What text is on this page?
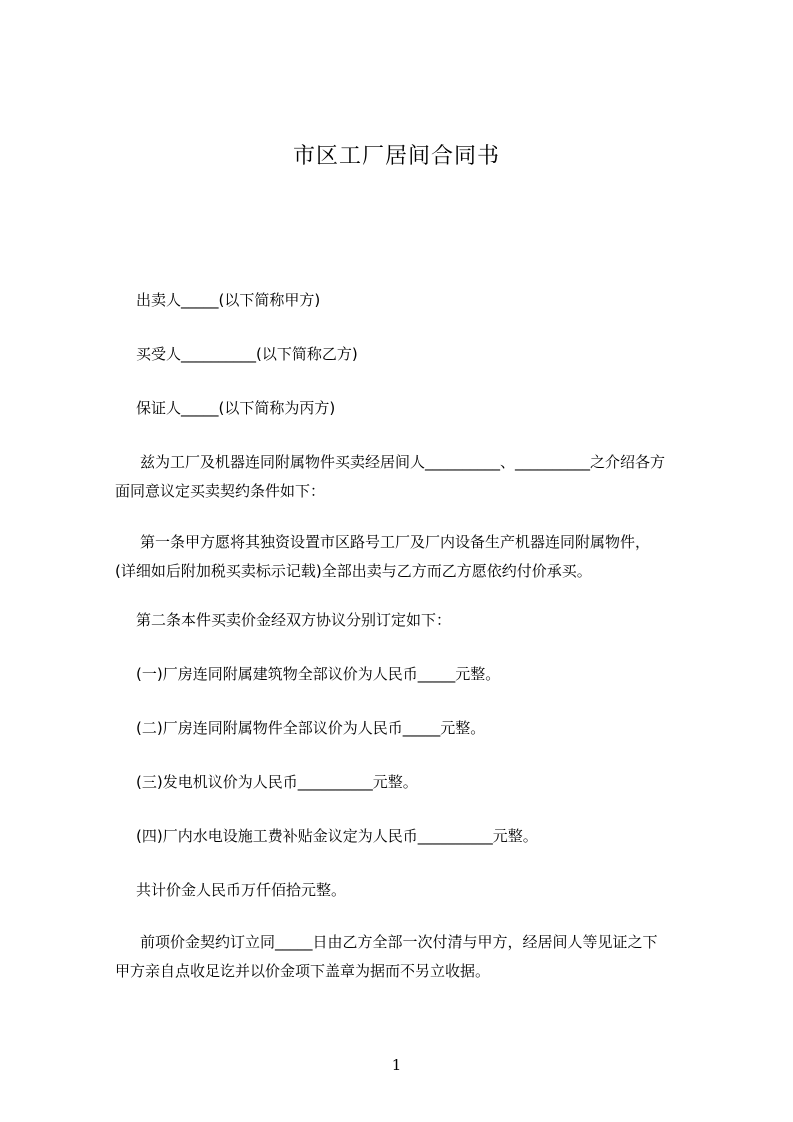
市区工厂居间合同书
出卖人_____(以下简称甲方)
买受人__________(以下简称乙方)
保证人_____(以下简称为丙方)
兹为工厂及机器连同附属物件买卖经居间人__________、__________之介绍各方
面同意议定买卖契约条件如下：
第一条甲方愿将其独资设置市区路号工厂及厂内设备生产机器连同附属物件，
(详细如后附加税买卖标示记载)全部出卖与乙方而乙方愿依约付价承买。
第二条本件买卖价金经双方协议分别订定如下：
(一)厂房连同附属建筑物全部议价为人民币_____元整。
(二)厂房连同附属物件全部议价为人民币_____元整。
(三)发电机议价为人民币__________元整。
(四)厂内水电设施工费补贴金议定为人民币__________元整。
共计价金人民币万仟佰拾元整。
前项价金契约订立同_____日由乙方全部一次付清与甲方，经居间人等见证之下
甲方亲自点收足讫并以价金项下盖章为据而不另立收据。
1
